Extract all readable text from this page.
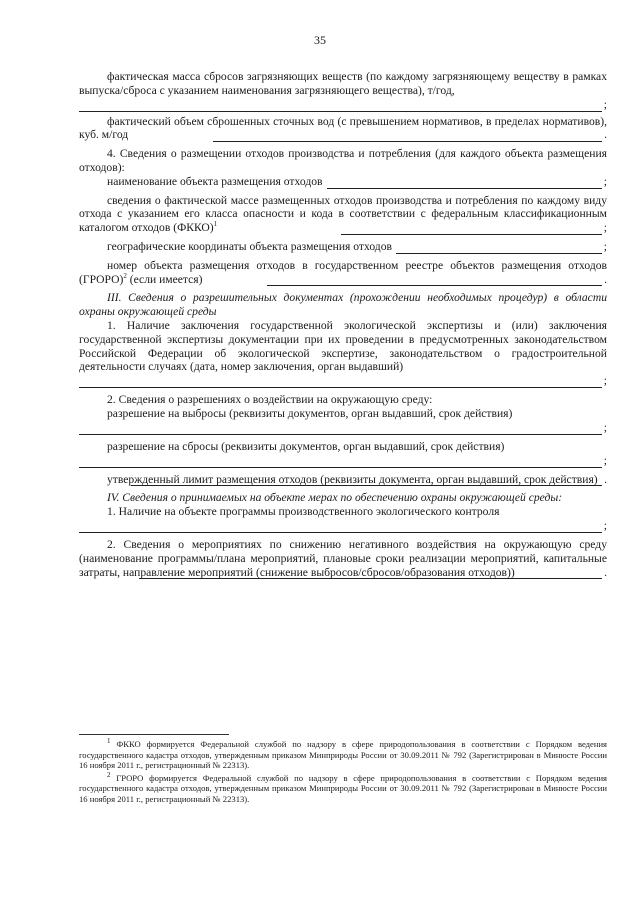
35

фактическая масса сбросов загрязняющих веществ (по каждому загрязняющему веществу в рамках выпуска/сброса с указанием наименования загрязняющего вещества), т/год,

;

фактический объем сброшенных сточных вод (с превышением нормативов, в пределах нормативов), куб. м/год	.

4. Сведения о размещении отходов производства и потребления (для каждого объекта размещения отходов):

наименование объекта размещения отходов	;

сведения о фактической массе размещенных отходов производства и потребления по каждому виду отхода с указанием его класса опасности и кода в соответствии с федеральным классификационным каталогом отходов (ФККО)$^1$	;
географические координаты объекта размещения отходов	;

номер объекта размещения отходов в государственном реестре объектов размещения отходов (ГРОРО)$^2$ (если имеется)	.

III. Сведения о разрешительных документах (прохождении необходимых процедур) в области охраны окружающей среды

1. Наличие заключения государственной экологической экспертизы и (или) заключения государственной экспертизы документации при их проведении в предусмотренных законодательством Российской Федерации об экологической экспертизе, законодательством о градостроительной деятельности случаях (дата, номер заключения, орган выдавший)

;

2. Сведения о разрешениях о воздействии на окружающую среду:

разрешение на выбросы (реквизиты документов, орган выдавший, срок действия)

;

разрешение на сбросы (реквизиты документов, орган выдавший, срок действия)

;

утвержденный лимит размещения отходов (реквизиты документа, орган выдавший, срок действия) .

IV. Сведения о принимаемых на объекте мерах по обеспечению охраны окружающей среды:

1. Наличие на объекте программы производственного экологического контроля

;

2. Сведения о мероприятиях по снижению негативного воздействия на окружающую среду (наименование программы/плана мероприятий, плановые сроки реализации мероприятий, капитальные затраты, направление мероприятий (снижение выбросов/сбросов/образования отходов))	.

$^1$ ФККО формируется Федеральной службой по надзору в сфере природопользования в соответствии с Порядком ведения государственного кадастра отходов, утвержденным приказом Минприроды России от 30.09.2011 № 792 (Зарегистрирован в Минюсте России 16 ноября 2011 г., регистрационный № 22313).

$^2$ ГРОРО формируется Федеральной службой по надзору в сфере природопользования в соответствии с Порядком ведения государственного кадастра отходов, утвержденным приказом Минприроды России от 30.09.2011 № 792 (Зарегистрирован в Минюсте России 16 ноября 2011 г., регистрационный № 22313).
